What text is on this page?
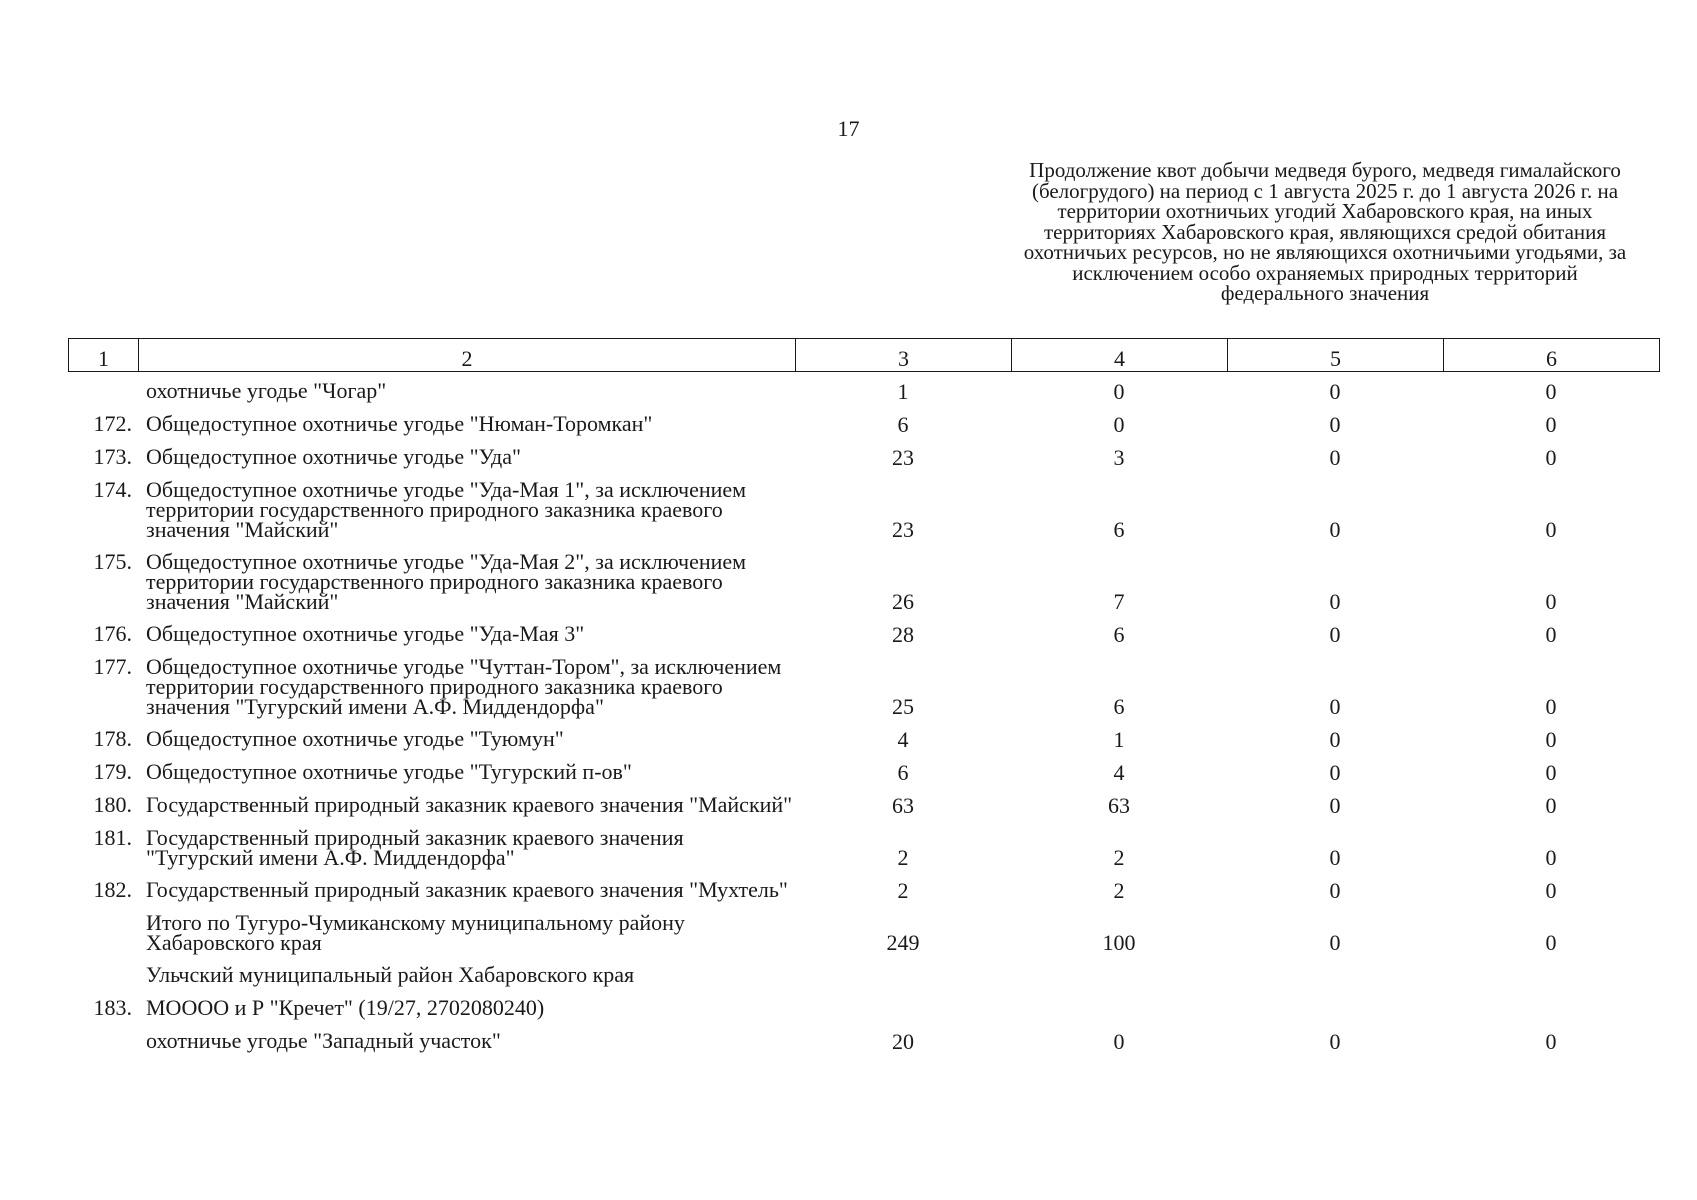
17
Продолжение квот добычи медведя бурого, медведя гималайского (белогрудого) на период с 1 августа 2025 г. до 1 августа 2026 г. на территории охотничьих угодий Хабаровского края, на иных территориях Хабаровского края, являющихся средой обитания охотничьих ресурсов, но не являющихся охотничьими угодьями, за исключением особо охраняемых природных территорий федерального значения
1	2	3	4	5	6
	охотничье угодье "Чогар"	1	0	0	0
172.	Общедоступное охотничье угодье "Нюман-Торомкан"	6	0	0	0
173.	Общедоступное охотничье угодье "Уда"	23	3	0	0
174.	Общедоступное охотничье угодье "Уда-Мая 1", за исключением территории государственного природного заказника краевого значения "Майский"	23	6	0	0
175.	Общедоступное охотничье угодье "Уда-Мая 2", за исключением территории государственного природного заказника краевого значения "Майский"	26	7	0	0
176.	Общедоступное охотничье угодье "Уда-Мая 3"	28	6	0	0
177.	Общедоступное охотничье угодье "Чуттан-Тором", за исключением территории государственного природного заказника краевого значения "Тугурский имени А.Ф. Миддендорфа"	25	6	0	0
178.	Общедоступное охотничье угодье "Туюмун"	4	1	0	0
179.	Общедоступное охотничье угодье "Тугурский п-ов"	6	4	0	0
180.	Государственный природный заказник краевого значения "Майский"	63	63	0	0
181.	Государственный природный заказник краевого значения "Тугурский имени А.Ф. Миддендорфа"	2	2	0	0
182.	Государственный природный заказник краевого значения "Мухтель"	2	2	0	0
	Итого по Тугуро-Чумиканскому муниципальному району Хабаровского края	249	100	0	0
	Ульчский муниципальный район Хабаровского края				
183.	МОООО и Р "Кречет" (19/27, 2702080240)				
	охотничье угодье "Западный участок"	20	0	0	0
